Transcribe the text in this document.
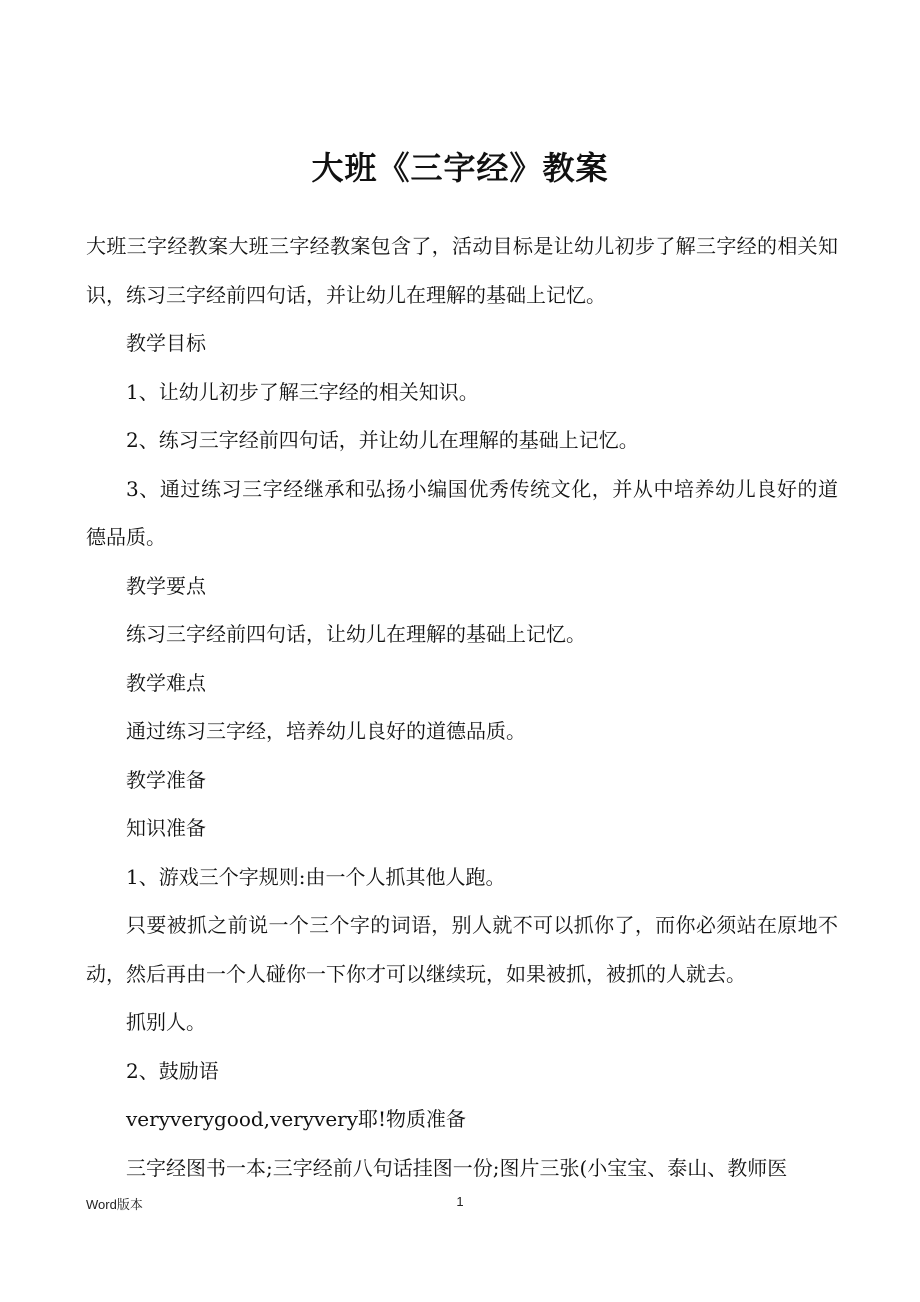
大班《三字经》教案

大班三字经教案大班三字经教案包含了，活动目标是让幼儿初步了解三字经的相关知识，练习三字经前四句话，并让幼儿在理解的基础上记忆。

教学目标

1、让幼儿初步了解三字经的相关知识。

2、练习三字经前四句话，并让幼儿在理解的基础上记忆。

3、通过练习三字经继承和弘扬小编国优秀传统文化，并从中培养幼儿良好的道德品质。

教学要点

练习三字经前四句话，让幼儿在理解的基础上记忆。

教学难点

通过练习三字经，培养幼儿良好的道德品质。

教学准备

知识准备

1、游戏三个字规则:由一个人抓其他人跑。

只要被抓之前说一个三个字的词语，别人就不可以抓你了，而你必须站在原地不动，然后再由一个人碰你一下你才可以继续玩，如果被抓，被抓的人就去。

抓别人。

2、鼓励语

veryverygood,veryvery耶!物质准备

三字经图书一本;三字经前八句话挂图一份;图片三张(小宝宝、泰山、教师医

Word版本	1
